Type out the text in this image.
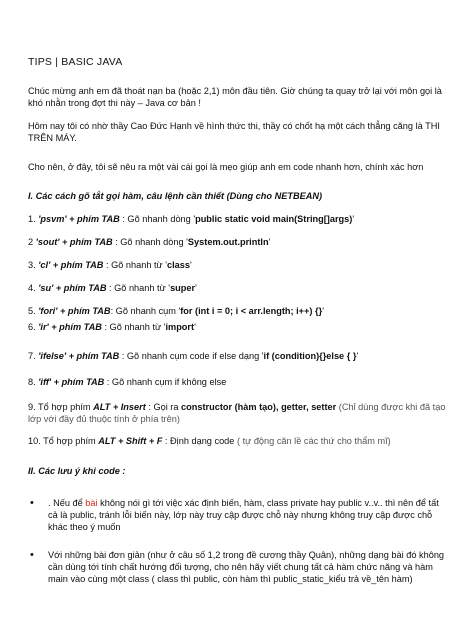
TIPS | BASIC JAVA

Chúc mừng anh em đã thoát nạn ba (hoặc 2,1) môn đầu tiên. Giờ chúng ta quay trở lại với môn gọi là khó nhằn trong đợt thi này – Java cơ bản !

Hôm nay tôi có nhờ thầy Cao Đức Hạnh về hình thức thi, thầy có chốt hạ một cách thẳng căng là THI TRÊN MÁY.

Cho nên, ở đây, tôi sẽ nêu ra một vài cái gọi là mẹo giúp anh em code nhanh hơn, chính xác hơn

I. Các cách gõ tắt gọi hàm, câu lệnh cần thiết (Dùng cho NETBEAN)

1. 'psvm' + phím TAB : Gõ nhanh dòng 'public static void main(String[]args)'

2 'sout' + phím TAB : Gõ nhanh dòng 'System.out.println'

3. 'cl' + phím TAB : Gõ nhanh từ 'class'

4. 'su' + phím TAB : Gõ nhanh từ 'super'

5. 'fori' + phím TAB: Gõ nhanh cụm 'for (int i = 0; i < arr.length; i++) {}'

6. 'ir' + phím TAB : Gõ nhanh từ 'import'

7. 'ifelse' + phím TAB : Gõ nhanh cụm code if else dạng 'if (condition){}else { }'

8. 'iff' + phím TAB : Gõ nhanh cụm if không else

9. Tổ hợp phím ALT + Insert : Gọi ra constructor (hàm tạo), getter, setter (Chỉ dùng được khi đã tạo lớp với đầy đủ thuộc tính ở phía trên)

10. Tổ hợp phím ALT + Shift + F : Định dạng code ( tự động căn lề các thứ cho thẩm mĩ)

II. Các lưu ý khi code :

• . Nếu để bài không nói gì tới việc xác định biến, hàm, class private hay public v..v.. thì nên để tất cả là public, tránh lỗi biến này, lớp này truy cập được chỗ này nhưng không truy cập được chỗ khác theo ý muốn
• Với những bài đơn giản (như ở câu số 1,2 trong đề cương thầy Quân), những dạng bài đó không cần dùng tới tính chất hướng đối tượng, cho nên hãy viết chung tất cả hàm chức năng và hàm main vào cùng một class ( class thì public, còn hàm thì public_static_kiểu trả về_tên hàm)
